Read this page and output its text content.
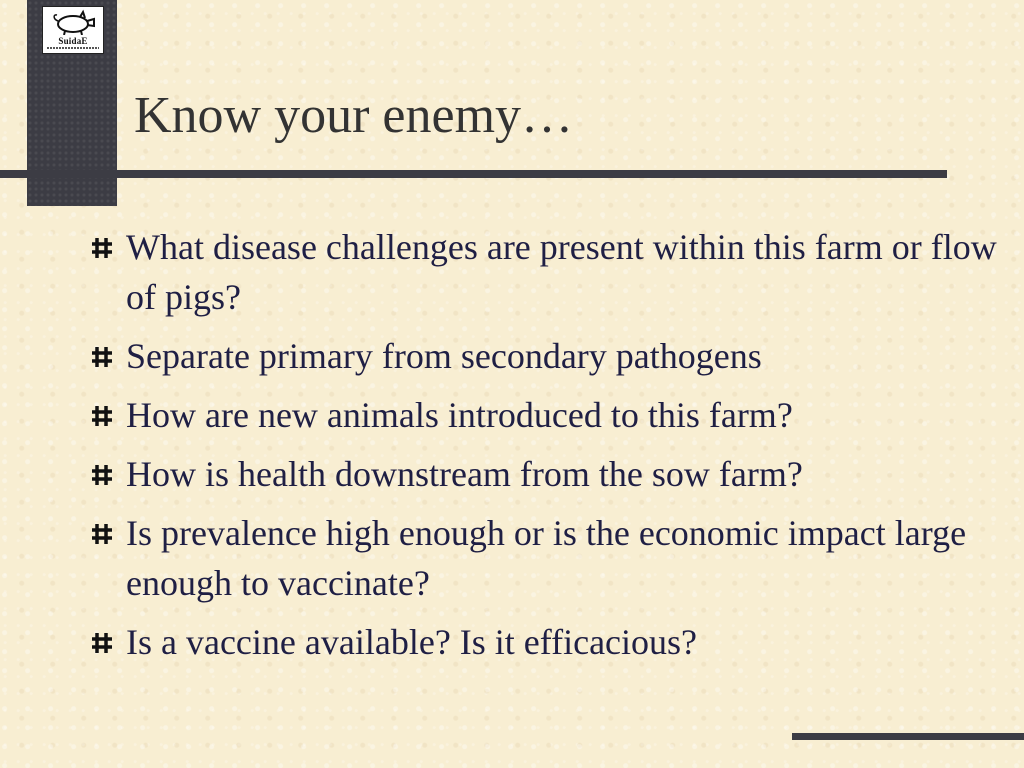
SuidaE
Know your enemy…
What disease challenges are present within this farm or flow of pigs?
Separate primary from secondary pathogens
How are new animals introduced to this farm?
How is health downstream from the sow farm?
Is prevalence high enough or is the economic impact large enough to vaccinate?
Is a vaccine available? Is it efficacious?
